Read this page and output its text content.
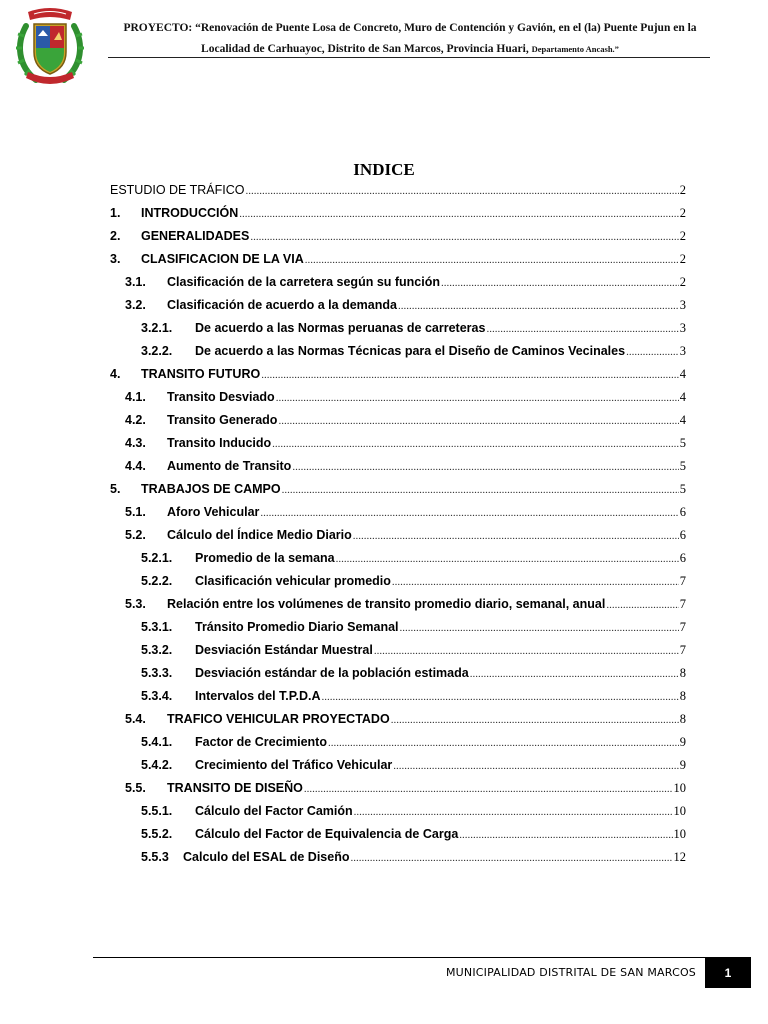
PROYECTO: “Renovación de Puente Losa de Concreto, Muro de Contención y Gavión, en el (la) Puente Pujun en la
Localidad de Carhuayoc, Distrito de San Marcos, Provincia Huari, Departamento Ancash.”
INDICE
ESTUDIO DE TRÁFICO .....	2
1.	INTRODUCCIÓN .....	2
2.	GENERALIDADES .....	2
3.	CLASIFICACION DE LA VIA .....	2
3.1.	Clasificación de la carretera según su función .....	2
3.2.	Clasificación de acuerdo a la demanda .....	3
3.2.1.	De acuerdo a las Normas peruanas de carreteras .....	3
3.2.2.	De acuerdo a las Normas Técnicas para el Diseño de Caminos Vecinales .....	3
4.	TRANSITO FUTURO .....	4
4.1.	Transito Desviado .....	4
4.2.	Transito Generado .....	4
4.3.	Transito Inducido .....	5
4.4.	Aumento de Transito .....	5
5.	TRABAJOS DE CAMPO .....	5
5.1.	Aforo Vehicular .....	6
5.2.	Cálculo del Índice Medio Diario .....	6
5.2.1.	Promedio de la semana .....	6
5.2.2.	Clasificación vehicular promedio .....	7
5.3.	Relación entre los volúmenes de transito promedio diario, semanal, anual .....	7
5.3.1.	Tránsito Promedio Diario Semanal .....	7
5.3.2.	Desviación Estándar Muestral .....	7
5.3.3.	Desviación estándar de la población estimada .....	8
5.3.4.	Intervalos del T.P.D.A .....	8
5.4.	TRAFICO VEHICULAR PROYECTADO .....	8
5.4.1.	Factor de Crecimiento .....	9
5.4.2.	Crecimiento del Tráfico Vehicular .....	9
5.5.	TRANSITO DE DISEÑO .....	10
5.5.1.	Cálculo del Factor Camión .....	10
5.5.2.	Cálculo del Factor de Equivalencia de Carga .....	10
5.5.3	Calculo del ESAL de Diseño .....	12
MUNICIPALIDAD DISTRITAL DE SAN MARCOS	1
